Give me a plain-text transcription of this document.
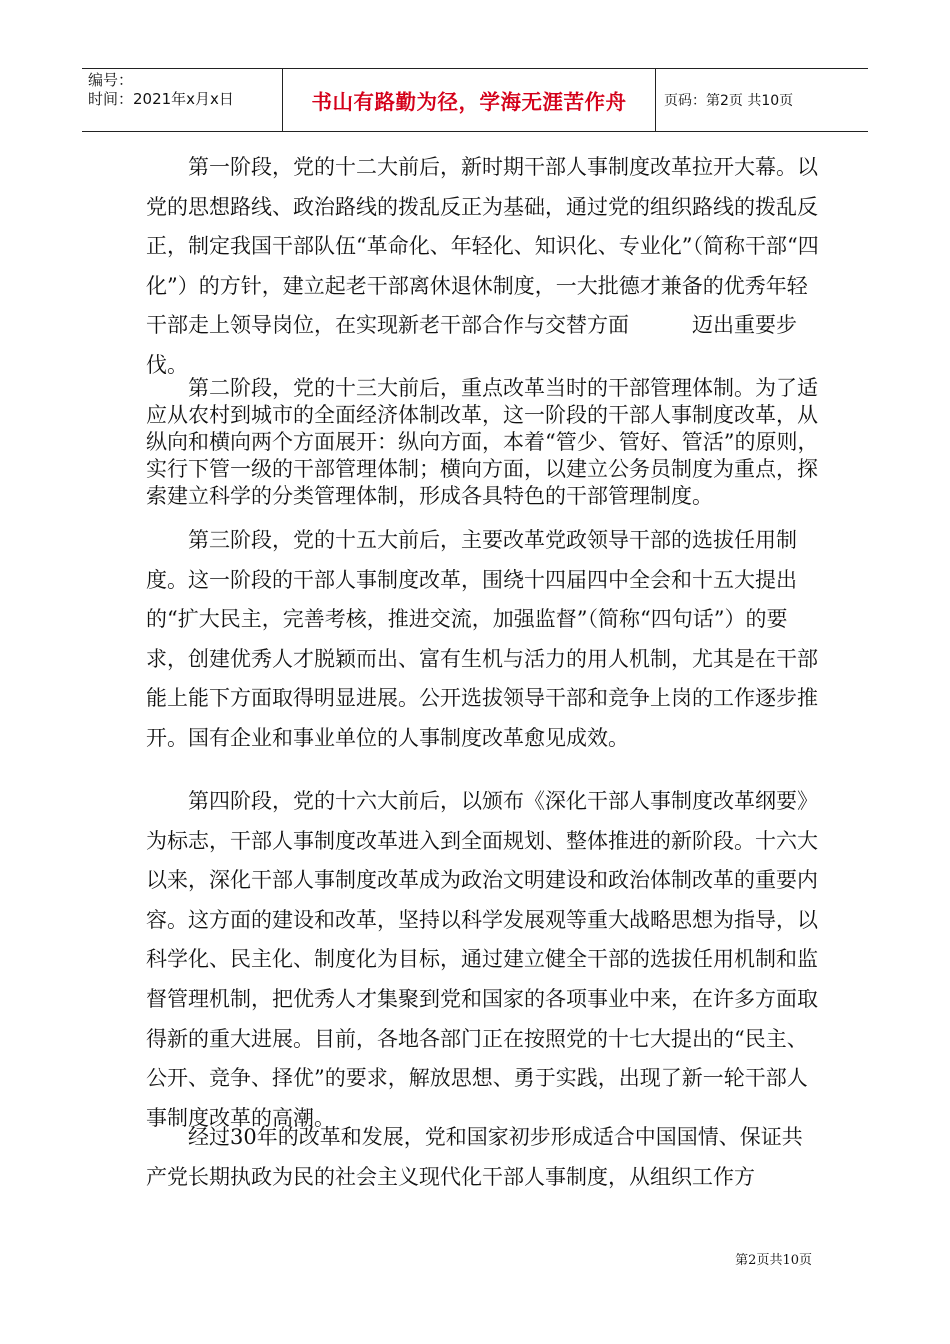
编号：
时间：2021年x月x日	书山有路勤为径，学海无涯苦作舟	页码：第2页 共10页

　　第一阶段，党的十二大前后，新时期干部人事制度改革拉开大幕。以党的思想路线、政治路线的拨乱反正为基础，通过党的组织路线的拨乱反正，制定我国干部队伍“革命化、年轻化、知识化、专业化”（简称干部“四化”）的方针，建立起老干部离休退休制度，一大批德才兼备的优秀年轻干部走上领导岗位，在实现新老干部合作与交替方面　　　迈出重要步伐。

　　第二阶段，党的十三大前后，重点改革当时的干部管理体制。为了适应从农村到城市的全面经济体制改革，这一阶段的干部人事制度改革，从纵向和横向两个方面展开：纵向方面，本着“管少、管好、管活”的原则，实行下管一级的干部管理体制；横向方面，以建立公务员制度为重点，探索建立科学的分类管理体制，形成各具特色的干部管理制度。

　　第三阶段，党的十五大前后，主要改革党政领导干部的选拔任用制度。这一阶段的干部人事制度改革，围绕十四届四中全会和十五大提出的“扩大民主，完善考核，推进交流，加强监督”（简称“四句话”）的要求，创建优秀人才脱颖而出、富有生机与活力的用人机制，尤其是在干部能上能下方面取得明显进展。公开选拔领导干部和竞争上岗的工作逐步推开。国有企业和事业单位的人事制度改革愈见成效。

　　第四阶段，党的十六大前后，以颁布《深化干部人事制度改革纲要》为标志，干部人事制度改革进入到全面规划、整体推进的新阶段。十六大以来，深化干部人事制度改革成为政治文明建设和政治体制改革的重要内容。这方面的建设和改革，坚持以科学发展观等重大战略思想为指导，以科学化、民主化、制度化为目标，通过建立健全干部的选拔任用机制和监督管理机制，把优秀人才集聚到党和国家的各项事业中来，在许多方面取得新的重大进展。目前，各地各部门正在按照党的十七大提出的“民主、公开、竞争、择优”的要求，解放思想、勇于实践，出现了新一轮干部人事制度改革的高潮。

　　经过30年的改革和发展，党和国家初步形成适合中国国情、保证共产党长期执政为民的社会主义现代化干部人事制度，从组织工作方

第2页共10页
